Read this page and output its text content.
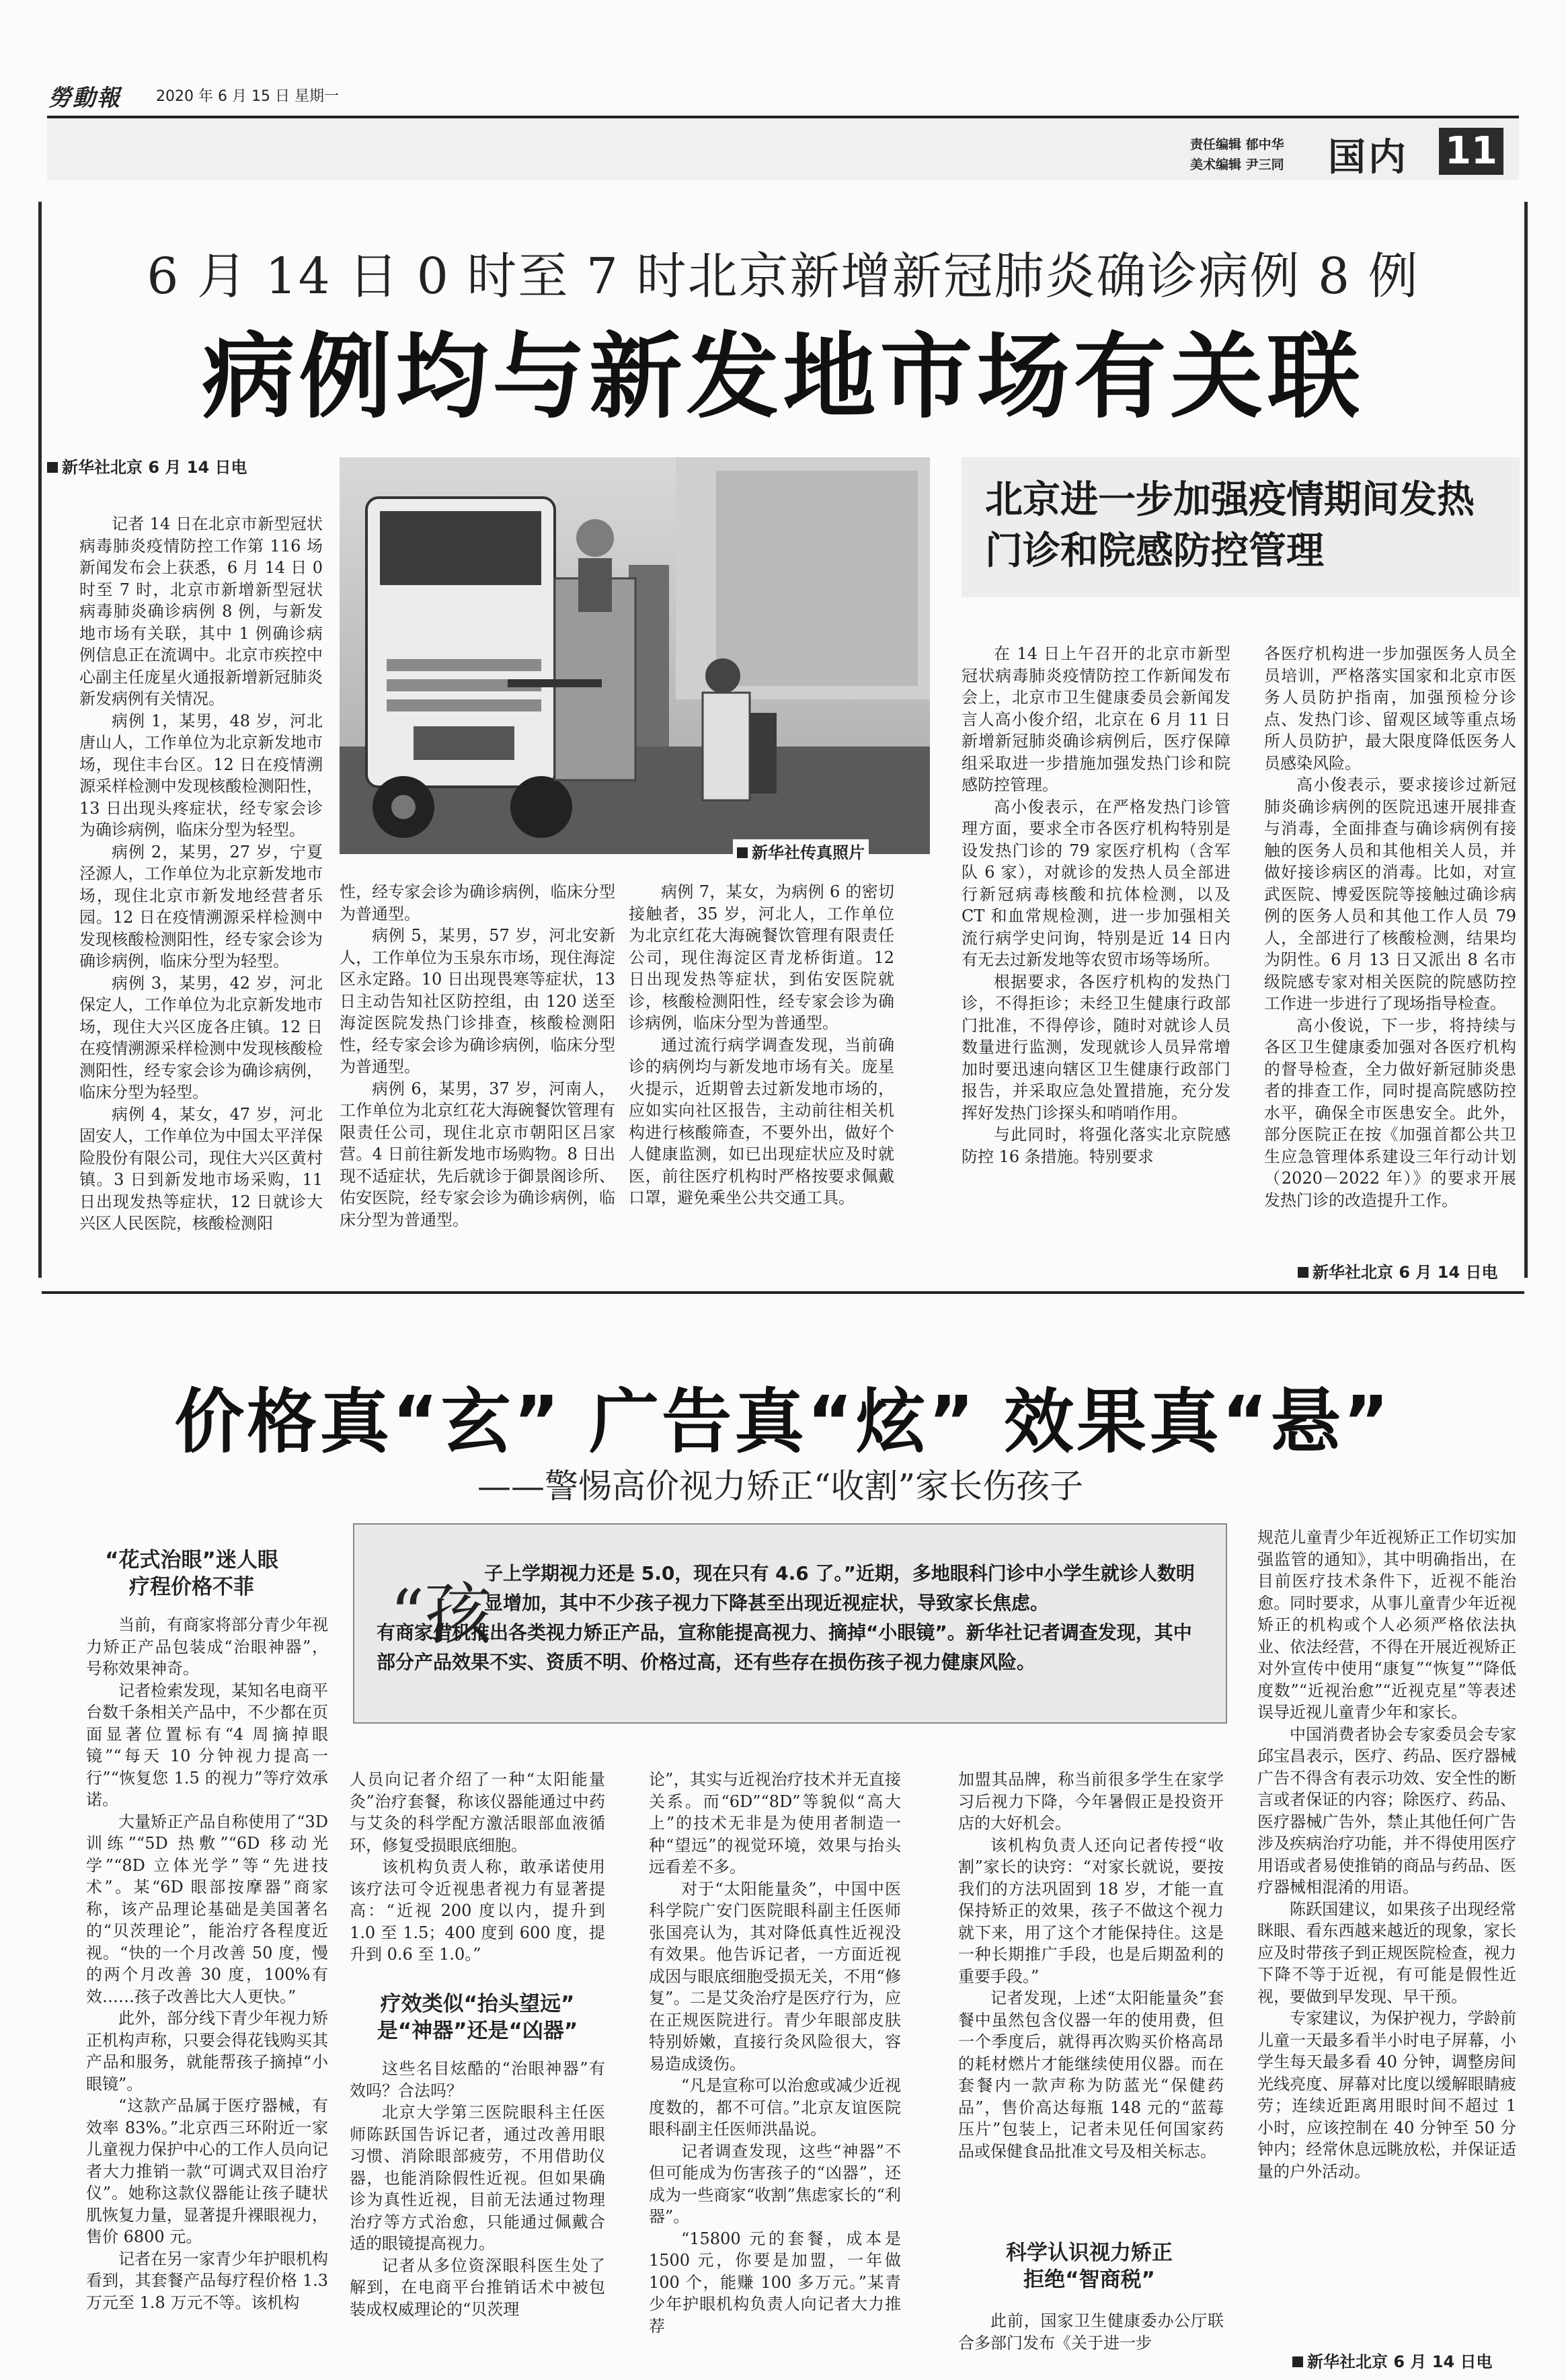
勞動報 2020 年 6 月 15 日 星期一
责任编辑 郁中华
美术编辑 尹三同 国内 11
6 月 14 日 0 时至 7 时北京新增新冠肺炎确诊病例 8 例
病例均与新发地市场有关联
新华社北京 6 月 14 日电

记者 14 日在北京市新型冠状病毒肺炎疫情防控工作第 116 场新闻发布会上获悉，6 月 14 日 0 时至 7 时，北京市新增新型冠状病毒肺炎确诊病例 8 例，与新发地市场有关联，其中 1 例确诊病例信息正在流调中。北京市疾控中心副主任庞星火通报新增新冠肺炎新发病例有关情况。

病例 1，某男，48 岁，河北唐山人，工作单位为北京新发地市场，现住丰台区。12 日在疫情溯源采样检测中发现核酸检测阳性，13 日出现头疼症状，经专家会诊为确诊病例，临床分型为轻型。

病例 2，某男，27 岁，宁夏泾源人，工作单位为北京新发地市场，现住北京市新发地经营者乐园。12 日在疫情溯源采样检测中发现核酸检测阳性，经专家会诊为确诊病例，临床分型为轻型。

病例 3，某男，42 岁，河北保定人，工作单位为北京新发地市场，现住大兴区庞各庄镇。12 日在疫情溯源采样检测中发现核酸检测阳性，经专家会诊为确诊病例，临床分型为轻型。

病例 4，某女，47 岁，河北固安人，工作单位为中国太平洋保险股份有限公司，现住大兴区黄村镇。3 日到新发地市场采购，11 日出现发热等症状，12 日就诊大兴区人民医院，核酸检测阳

新华社传真照片

性，经专家会诊为确诊病例，临床分型为普通型。

病例 5，某男，57 岁，河北安新人，工作单位为玉泉东市场，现住海淀区永定路。10 日出现畏寒等症状，13 日主动告知社区防控组，由 120 送至海淀医院发热门诊排查，核酸检测阳性，经专家会诊为确诊病例，临床分型为普通型。

病例 6，某男，37 岁，河南人，工作单位为北京红花大海碗餐饮管理有限责任公司，现住北京市朝阳区吕家营。4 日前往新发地市场购物。8 日出现不适症状，先后就诊于御景阁诊所、佑安医院，经专家会诊为确诊病例，临床分型为普通型。

病例 7，某女，为病例 6 的密切接触者，35 岁，河北人，工作单位为北京红花大海碗餐饮管理有限责任公司，现住海淀区青龙桥街道。12 日出现发热等症状，到佑安医院就诊，核酸检测阳性，经专家会诊为确诊病例，临床分型为普通型。

通过流行病学调查发现，当前确诊的病例均与新发地市场有关。庞星火提示，近期曾去过新发地市场的，应如实向社区报告，主动前往相关机构进行核酸筛查，不要外出，做好个人健康监测，如已出现症状应及时就医，前往医疗机构时严格按要求佩戴口罩，避免乘坐公共交通工具。

北京进一步加强疫情期间发热门诊和院感防控管理

在 14 日上午召开的北京市新型冠状病毒肺炎疫情防控工作新闻发布会上，北京市卫生健康委员会新闻发言人高小俊介绍，北京在 6 月 11 日新增新冠肺炎确诊病例后，医疗保障组采取进一步措施加强发热门诊和院感防控管理。

高小俊表示，在严格发热门诊管理方面，要求全市各医疗机构特别是设发热门诊的 79 家医疗机构（含军队 6 家），对就诊的发热人员全部进行新冠病毒核酸和抗体检测，以及 CT 和血常规检测，进一步加强相关流行病学史问询，特别是近 14 日内有无去过新发地等农贸市场等场所。

根据要求，各医疗机构的发热门诊，不得拒诊；未经卫生健康行政部门批准，不得停诊，随时对就诊人员数量进行监测，发现就诊人员异常增加时要迅速向辖区卫生健康行政部门报告，并采取应急处置措施，充分发挥好发热门诊探头和哨哨作用。

与此同时，将强化落实北京院感防控 16 条措施。特别要求

各医疗机构进一步加强医务人员全员培训，严格落实国家和北京市医务人员防护指南，加强预检分诊点、发热门诊、留观区域等重点场所人员防护，最大限度降低医务人员感染风险。

高小俊表示，要求接诊过新冠肺炎确诊病例的医院迅速开展排查与消毒，全面排查与确诊病例有接触的医务人员和其他相关人员，并做好接诊病区的消毒。比如，对宣武医院、博爱医院等接触过确诊病例的医务人员和其他工作人员 79 人，全部进行了核酸检测，结果均为阴性。6 月 13 日又派出 8 名市级院感专家对相关医院的院感防控工作进一步进行了现场指导检查。

高小俊说，下一步，将持续与各区卫生健康委加强对各医疗机构的督导检查，全力做好新冠肺炎患者的排查工作，同时提高院感防控水平，确保全市医患安全。此外，部分医院正在按《加强首都公共卫生应急管理体系建设三年行动计划（2020－2022 年）》的要求开展发热门诊的改造提升工作。

新华社北京 6 月 14 日电
价格真“玄” 广告真“炫” 效果真“悬”
——警惕高价视力矫正“收割”家长伤孩子
“孩
子上学期视力还是 5.0，现在只有 4.6 了。”近期，多地眼科门诊中小学生就诊人数明显增加，其中不少孩子视力下降甚至出现近视症状，导致家长焦虑。
有商家借机推出各类视力矫正产品，宣称能提高视力、摘掉“小眼镜”。新华社记者调查发现，其中部分产品效果不实、资质不明、价格过高，还有些存在损伤孩子视力健康风险。
“花式治眼”迷人眼
疗程价格不菲

当前，有商家将部分青少年视力矫正产品包装成“治眼神器”，号称效果神奇。

记者检索发现，某知名电商平台数千条相关产品中，不少都在页面显著位置标有“4 周摘掉眼镜”“每天 10 分钟视力提高一行”“恢复您 1.5 的视力”等疗效承诺。

大量矫正产品自称使用了“3D 训练”“5D 热敷”“6D 移动光学”“8D 立体光学”等“先进技术”。某“6D 眼部按摩器”商家称，该产品理论基础是美国著名的“贝茨理论”，能治疗各程度近视。“快的一个月改善 50 度，慢的两个月改善 30 度，100%有效……孩子改善比大人更快。”

此外，部分线下青少年视力矫正机构声称，只要会得花钱购买其产品和服务，就能帮孩子摘掉“小眼镜”。

“这款产品属于医疗器械，有效率 83%。”北京西三环附近一家儿童视力保护中心的工作人员向记者大力推销一款“可调式双目治疗仪”。她称这款仪器能让孩子睫状肌恢复力量，显著提升裸眼视力，售价 6800 元。

记者在另一家青少年护眼机构看到，其套餐产品每疗程价格 1.3 万元至 1.8 万元不等。该机构

人员向记者介绍了一种“太阳能量灸”治疗套餐，称该仪器能通过中药与艾灸的科学配方激活眼部血液循环，修复受损眼底细胞。

该机构负责人称，敢承诺使用该疗法可令近视患者视力有显著提高：“近视 200 度以内，提升到 1.0 至 1.5；400 度到 600 度，提升到 0.6 至 1.0。”

疗效类似“抬头望远”
是“神器”还是“凶器”

这些名目炫酷的“治眼神器”有效吗？合法吗？

北京大学第三医院眼科主任医师陈跃国告诉记者，通过改善用眼习惯、消除眼部疲劳，不用借助仪器，也能消除假性近视。但如果确诊为真性近视，目前无法通过物理治疗等方式治愈，只能通过佩戴合适的眼镜提高视力。

记者从多位资深眼科医生处了解到，在电商平台推销话术中被包装成权威理论的“贝茨理

论”，其实与近视治疗技术并无直接关系。而“6D”“8D”等貌似“高大上”的技术无非是为使用者制造一种“望远”的视觉环境，效果与抬头远看差不多。

对于“太阳能量灸”，中国中医科学院广安门医院眼科副主任医师张国亮认为，其对降低真性近视没有效果。他告诉记者，一方面近视成因与眼底细胞受损无关，不用“修复”。二是艾灸治疗是医疗行为，应在正规医院进行。青少年眼部皮肤特别娇嫩，直接行灸风险很大，容易造成烫伤。

“凡是宣称可以治愈或减少近视度数的，都不可信。”北京友谊医院眼科副主任医师洪晶说。

记者调查发现，这些“神器”不但可能成为伤害孩子的“凶器”，还成为一些商家“收割”焦虑家长的“利器”。

“15800 元的套餐，成本是 1500 元，你要是加盟，一年做 100 个，能赚 100 多万元。”某青少年护眼机构负责人向记者大力推荐

加盟其品牌，称当前很多学生在家学习后视力下降，今年暑假正是投资开店的大好机会。

该机构负责人还向记者传授“收割”家长的诀窍：“对家长就说，要按我们的方法巩固到 18 岁，才能一直保持矫正的效果，孩子不做这个视力就下来，用了这个才能保持住。这是一种长期推广手段，也是后期盈利的重要手段。”

记者发现，上述“太阳能量灸”套餐中虽然包含仪器一年的使用费，但一个季度后，就得再次购买价格高昂的耗材燃片才能继续使用仪器。而在套餐内一款声称为防蓝光“保健药品”，售价高达每瓶 148 元的“蓝莓压片”包装上，记者未见任何国家药品或保健食品批准文号及相关标志。

科学认识视力矫正
拒绝“智商税”

此前，国家卫生健康委办公厅联合多部门发布《关于进一步

规范儿童青少年近视矫正工作切实加强监管的通知》，其中明确指出，在目前医疗技术条件下，近视不能治愈。同时要求，从事儿童青少年近视矫正的机构或个人必须严格依法执业、依法经营，不得在开展近视矫正对外宣传中使用“康复”“恢复”“降低度数”“近视治愈”“近视克星”等表述误导近视儿童青少年和家长。

中国消费者协会专家委员会专家邱宝昌表示，医疗、药品、医疗器械广告不得含有表示功效、安全性的断言或者保证的内容；除医疗、药品、医疗器械广告外，禁止其他任何广告涉及疾病治疗功能，并不得使用医疗用语或者易使推销的商品与药品、医疗器械相混淆的用语。

陈跃国建议，如果孩子出现经常眯眼、看东西越来越近的现象，家长应及时带孩子到正规医院检查，视力下降不等于近视，有可能是假性近视，要做到早发现、早干预。

专家建议，为保护视力，学龄前儿童一天最多看半小时电子屏幕，小学生每天最多看 40 分钟，调整房间光线亮度、屏幕对比度以缓解眼睛疲劳；连续近距离用眼时间不超过 1 小时，应该控制在 40 分钟至 50 分钟内；经常休息远眺放松，并保证适量的户外活动。

新华社北京 6 月 14 日电
